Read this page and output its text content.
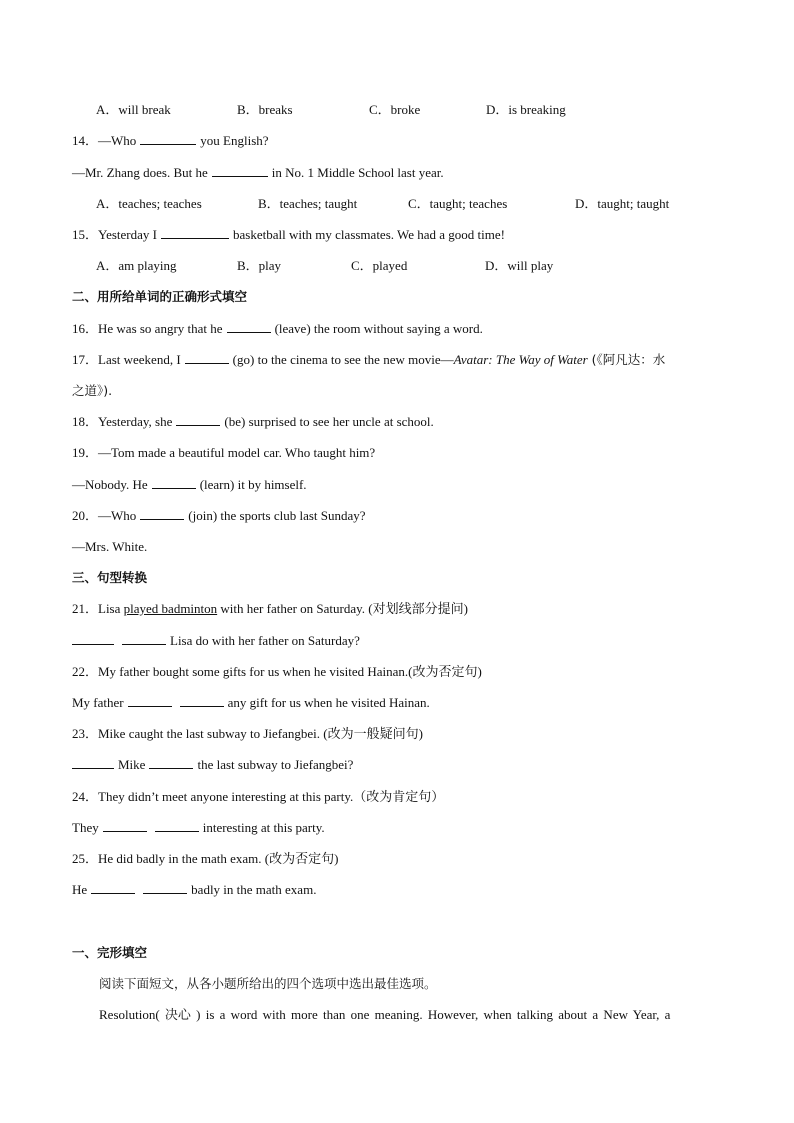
A．will break	B．breaks	C．broke	D．is breaking
14．—Who	you English?
—Mr. Zhang does. But he	in No. 1 Middle School last year.
A．teaches; teaches	B．teaches; taught	C．taught; teaches	D．taught; taught
15．Yesterday I	basketball with my classmates. We had a good time!
A．am playing	B．play	C．played	D．will play
二、用所给单词的正确形式填空
16．He was so angry that he	(leave) the room without saying a word.
17．Last weekend, I	(go) to the cinema to see the new movie—Avatar: The Way of Water (《阿凡达：水
之道》).
18．Yesterday, she	(be) surprised to see her uncle at school.
19．—Tom made a beautiful model car. Who taught him?
—Nobody. He	(learn) it by himself.
20．—Who	(join) the sports club last Sunday?
—Mrs. White.
三、句型转换
21．Lisa played badminton with her father on Saturday. (对划线部分提问)
Lisa do with her father on Saturday?
22．My father bought some gifts for us when he visited Hainan.(改为否定句)
My father	any gift for us when he visited Hainan.
23．Mike caught the last subway to Jiefangbei. (改为一般疑问句)
Mike	the last subway to Jiefangbei?
24．They didn’t meet anyone interesting at this party.（改为肯定句）
They	interesting at this party.
25．He did badly in the math exam. (改为否定句)
He	badly in the math exam.
一、完形填空
阅读下面短文，从各小题所给出的四个选项中选出最佳选项。
Resolution( 决心 ) is a word with more than one meaning. However, when talking about a New Year, a
